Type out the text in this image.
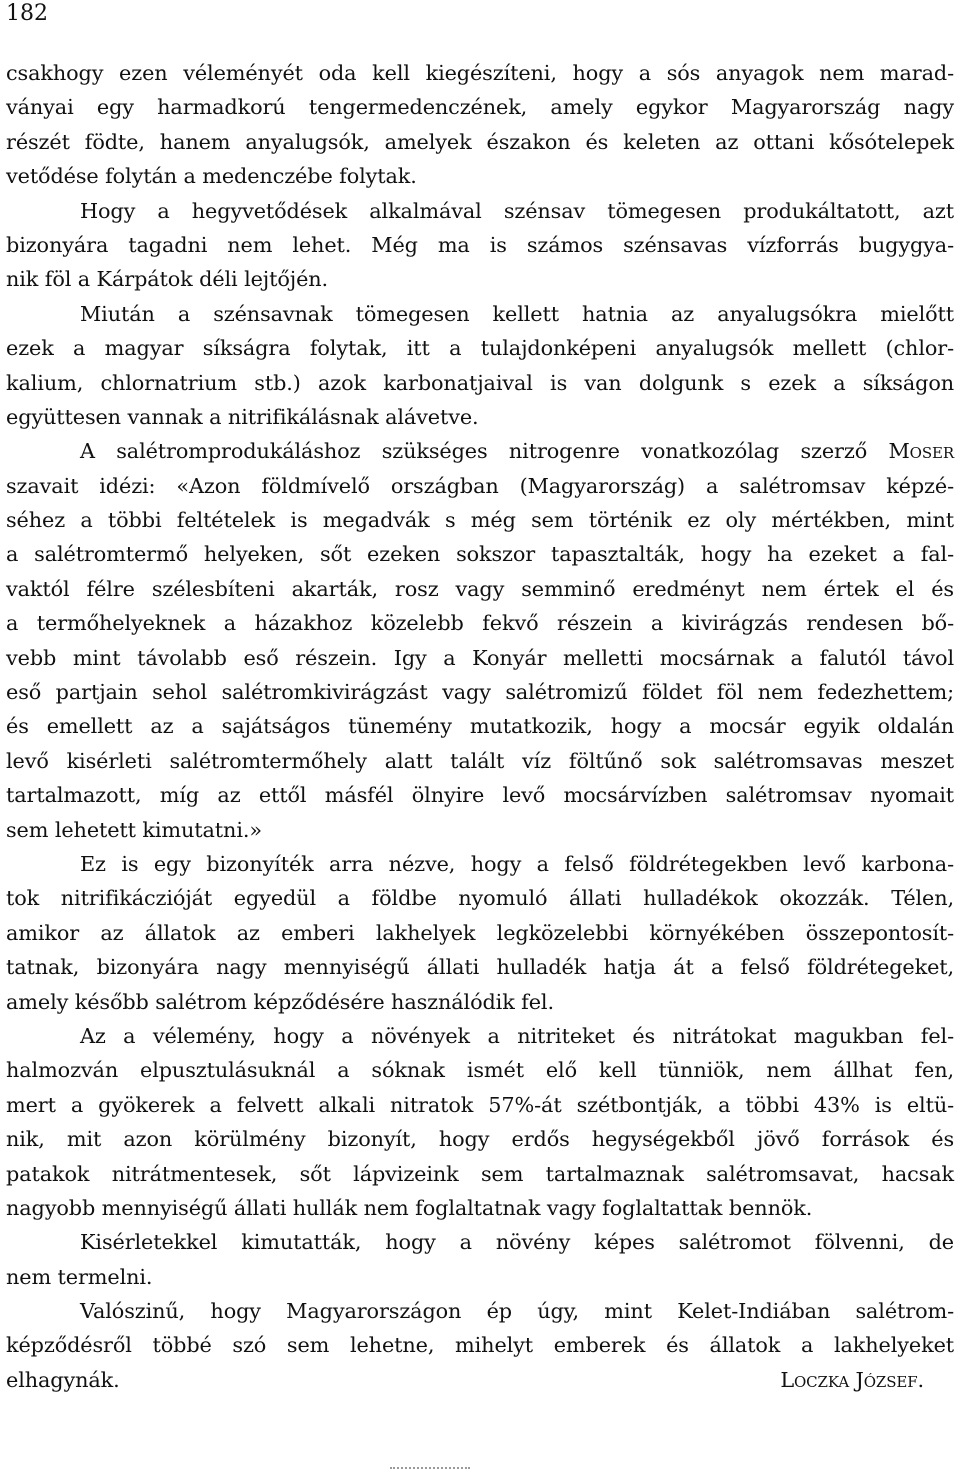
182
csakhogy ezen véleményét oda kell kiegészíteni, hogy a sós anyagok nem marad-
ványai egy harmadkorú tengermedenczének, amely egykor Magyarország nagy
részét födte, hanem anyalugsók, amelyek északon és keleten az ottani kősótelepek
vetődése folytán a medenczébe folytak.
Hogy a hegyvetődések alkalmával szénsav tömegesen produkáltatott, azt
bizonyára tagadni nem lehet. Még ma is számos szénsavas vízforrás bugygya-
nik föl a Kárpátok déli lejtőjén.
Miután a szénsavnak tömegesen kellett hatnia az anyalugsókra mielőtt
ezek a magyar síkságra folytak, itt a tulajdonképeni anyalugsók mellett (chlor-
kalium, chlornatrium stb.) azok karbonatjaival is van dolgunk s ezek a síkságon
együttesen vannak a nitrifikálásnak alávetve.
A salétromprodukáláshoz szükséges nitrogenre vonatkozólag szerző Moser
szavait idézi: «Azon földmívelő országban (Magyarország) a salétromsav képzé-
séhez a többi feltételek is megadvák s még sem történik ez oly mértékben, mint
a salétromtermő helyeken, sőt ezeken sokszor tapasztalták, hogy ha ezeket a fal-
vaktól félre szélesbíteni akarták, rosz vagy semminő eredményt nem értek el és
a termőhelyeknek a házakhoz közelebb fekvő részein a kivirágzás rendesen bő-
vebb mint távolabb eső részein. Igy a Konyár melletti mocsárnak a falutól távol
eső partjain sehol salétromkivirágzást vagy salétromizű földet föl nem fedezhettem;
és emellett az a sajátságos tünemény mutatkozik, hogy a mocsár egyik oldalán
levő kisérleti salétromtermőhely alatt talált víz föltűnő sok salétromsavas meszet
tartalmazott, míg az ettől másfél ölnyire levő mocsárvízben salétromsav nyomait
sem lehetett kimutatni.»
Ez is egy bizonyíték arra nézve, hogy a felső földrétegekben levő karbona-
tok nitrifikáczióját egyedül a földbe nyomuló állati hulladékok okozzák. Télen,
amikor az állatok az emberi lakhelyek legközelebbi környékében összepontosít-
tatnak, bizonyára nagy mennyiségű állati hulladék hatja át a felső földrétegeket,
amely később salétrom képződésére használódik fel.
Az a vélemény, hogy a növények a nitriteket és nitrátokat magukban fel-
halmozván elpusztulásuknál a sóknak ismét elő kell tünniök, nem állhat fen,
mert a gyökerek a felvett alkali nitratok 57%-át szétbontják, a többi 43% is eltü-
nik, mit azon körülmény bizonyít, hogy erdős hegységekből jövő források és
patakok nitrátmentesek, sőt lápvizeink sem tartalmaznak salétromsavat, hacsak
nagyobb mennyiségű állati hullák nem foglaltatnak vagy foglaltattak bennök.
Kisérletekkel kimutatták, hogy a növény képes salétromot fölvenni, de
nem termelni.
Valószinű, hogy Magyarországon ép úgy, mint Kelet-Indiában salétrom-
képződésről többé szó sem lehetne, mihelyt emberek és állatok a lakhelyeket
elhagynák.	Loczka József.
